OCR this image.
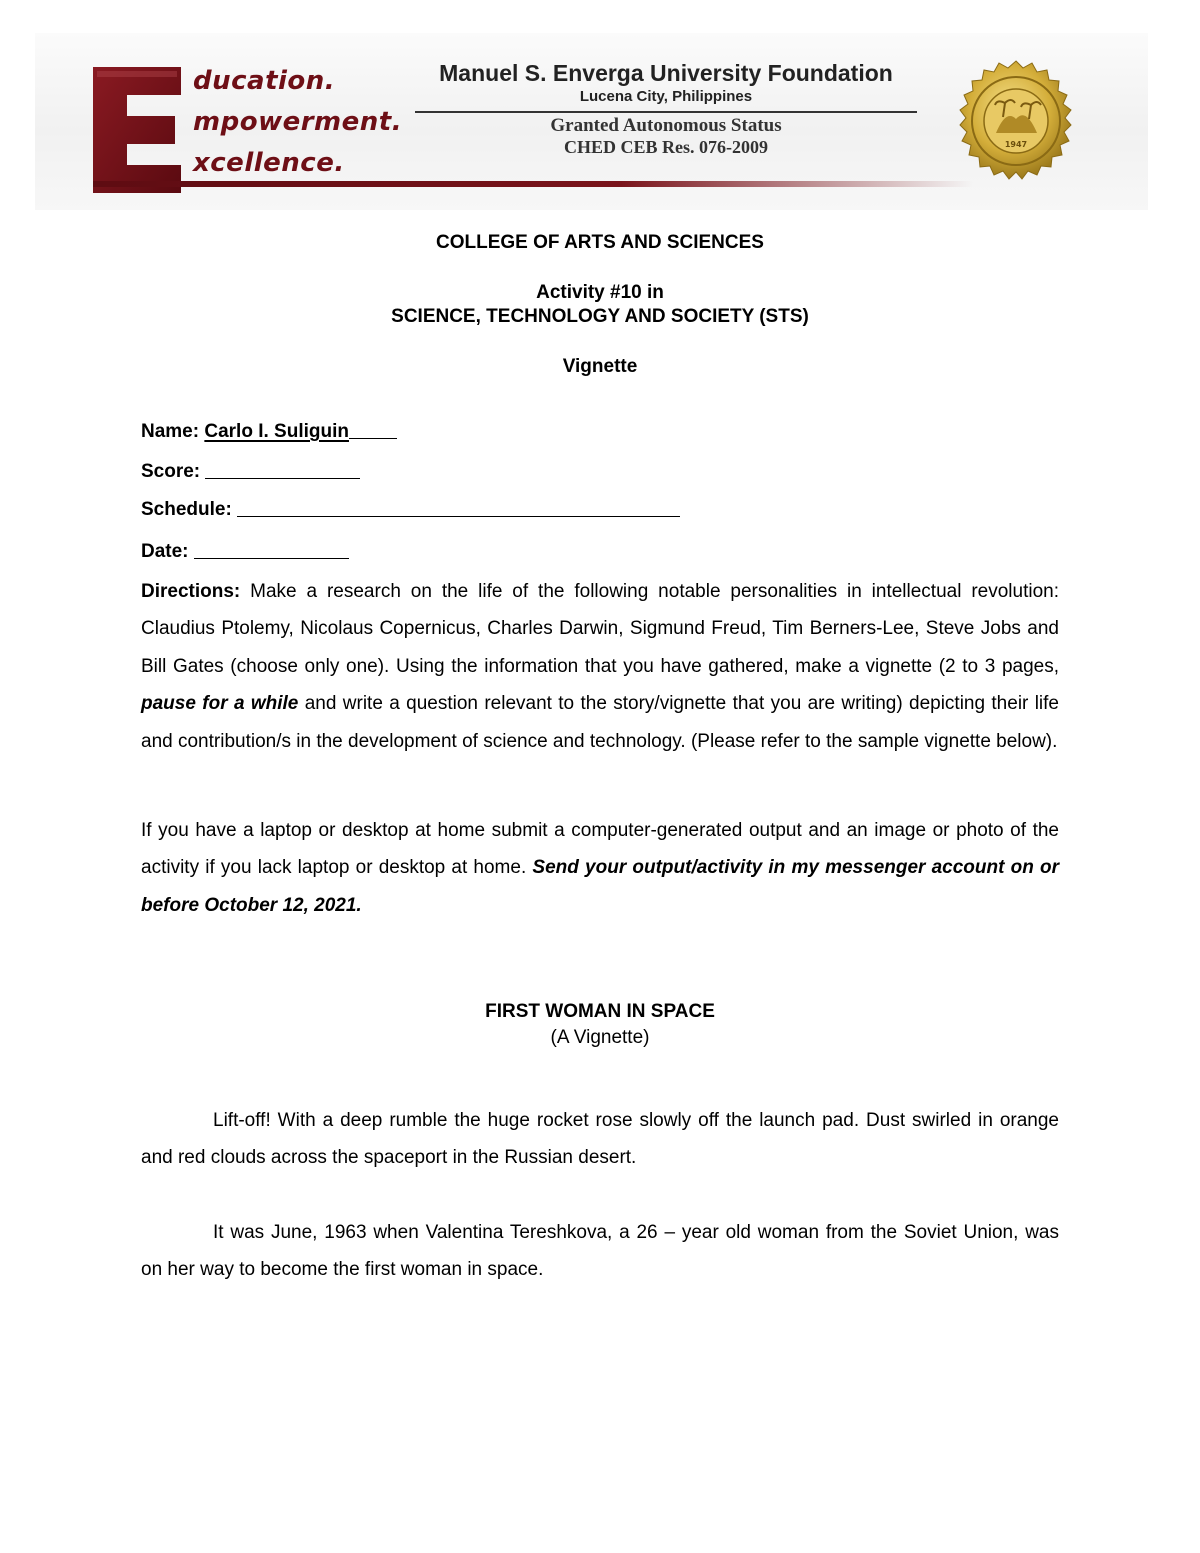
ducation.
mpowerment.
xcellence.
Manuel S. Enverga University Foundation
Lucena City, Philippines
Granted Autonomous Status
CHED CEB Res. 076-2009	1947
COLLEGE OF ARTS AND SCIENCES
Activity #10 in
SCIENCE, TECHNOLOGY AND SOCIETY (STS)
Vignette
Name: Carlo I. Suliguin
Score:
Schedule:
Date:
Directions: Make a research on the life of the following notable personalities in intellectual revolution: Claudius Ptolemy, Nicolaus Copernicus, Charles Darwin, Sigmund Freud, Tim Berners-Lee, Steve Jobs and Bill Gates (choose only one). Using the information that you have gathered, make a vignette (2 to 3 pages, pause for a while and write a question relevant to the story/vignette that you are writing) depicting their life and contribution/s in the development of science and technology. (Please refer to the sample vignette below).
If you have a laptop or desktop at home submit a computer-generated output and an image or photo of the activity if you lack laptop or desktop at home. Send your output/activity in my messenger account on or before October 12, 2021.
FIRST WOMAN IN SPACE
(A Vignette)
Lift-off! With a deep rumble the huge rocket rose slowly off the launch pad. Dust swirled in orange and red clouds across the spaceport in the Russian desert.
It was June, 1963 when Valentina Tereshkova, a 26 – year old woman from the Soviet Union, was on her way to become the first woman in space.
